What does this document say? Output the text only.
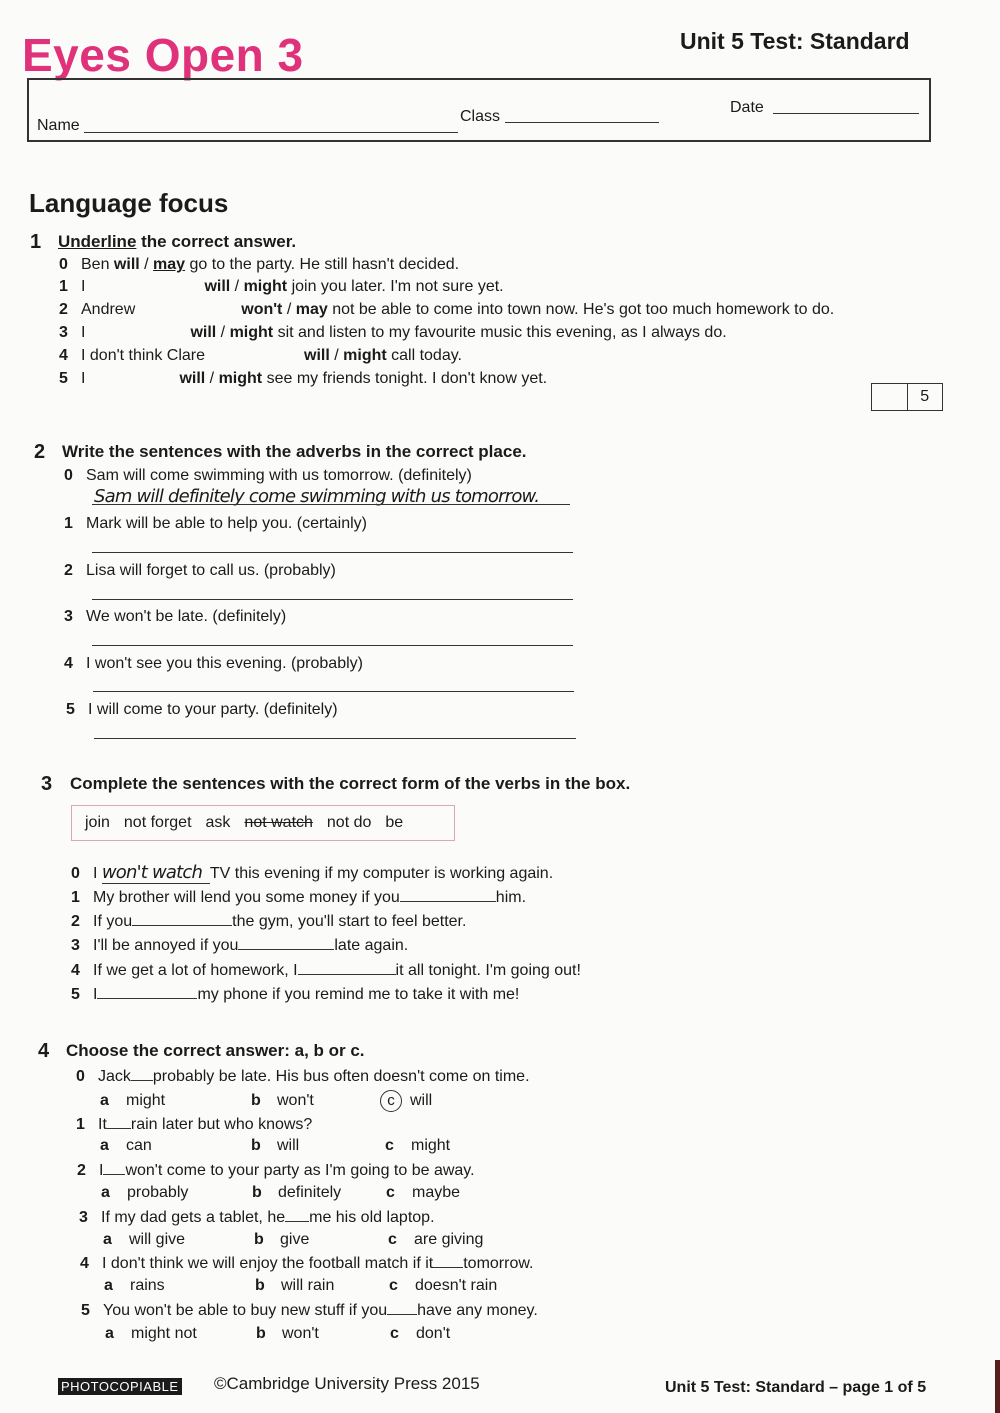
Eyes Open 3	Unit 5 Test: Standard
Name
Class
Date
Language focus
1 Underline the correct answer.
0 Ben will / may go to the party. He still hasn't decided.
1 I	will / might join you later. I'm not sure yet.
2 Andrew	won't / may not be able to come into town now. He's got too much homework to do.
3 I	will / might sit and listen to my favourite music this evening, as I always do.
4 I don't think Clare	will / might call today.
5 I	will / might see my friends tonight. I don't know yet.
5
2 Write the sentences with the adverbs in the correct place.
0 Sam will come swimming with us tomorrow. (definitely)
Sam will definitely come swimming with us tomorrow.
1 Mark will be able to help you. (certainly)
2 Lisa will forget to call us. (probably)
3 We won't be late. (definitely)
4 I won't see you this evening. (probably)
5 I will come to your party. (definitely)
3 Complete the sentences with the correct form of the verbs in the box.
join not forget ask not watch not do be
0 I won't watch TV this evening if my computer is working again.
1 My brother will lend you some money if you	him.
2 If you	the gym, you'll start to feel better.
3 I'll be annoyed if you	late again.
4 If we get a lot of homework, I	it all tonight. I'm going out!
5 I	my phone if you remind me to take it with me!
4 Choose the correct answer: a, b or c.
0 Jack probably be late. His bus often doesn't come on time.
a might	b won't	c will
1 It rain later but who knows?
a can	b will	c might
2 I won't come to your party as I'm going to be away.
a probably	b definitely	c maybe
3 If my dad gets a tablet, he me his old laptop.
a will give	b give	c are giving
4 I don't think we will enjoy the football match if it tomorrow.
a rains	b will rain	c doesn't rain
5 You won't be able to buy new stuff if you have any money.
a might not	b won't	c don't
PHOTOCOPIABLE ©Cambridge University Press 2015	Unit 5 Test: Standard – page 1 of 5
